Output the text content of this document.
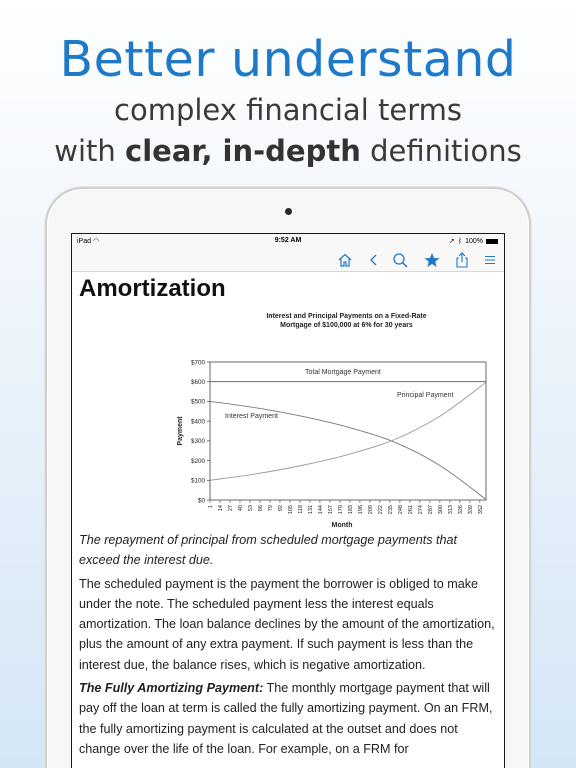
Better understand
complex financial terms
with clear, in-depth definitions
iPad ◠	9:52 AM	➚ ᛒ 100%
Amortization
Interest and Principal Payments on a Fixed-Rate
Mortgage of $100,000 at 6% for 30 years
$0
$100
$200
$300
$400
$500
$600
$700
1 14 27 40 53 66 79 92 105 118 131 144 157 170 183 196 209 222 235 248 261 274 287 300 313 326 339 352
Month
Payment
Total Mortgage Payment
Interest Payment
Principal Payment

The repayment of principal from scheduled mortgage payments that exceed the interest due.

The scheduled payment is the payment the borrower is obliged to make under the note. The scheduled payment less the interest equals amortization. The loan balance declines by the amount of the amortization, plus the amount of any extra payment. If such payment is less than the interest due, the balance rises, which is negative amortization.

The Fully Amortizing Payment: The monthly mortgage payment that will pay off the loan at term is called the fully amortizing payment. On an FRM, the fully amortizing payment is calculated at the outset and does not change over the life of the loan. For example, on a FRM for
